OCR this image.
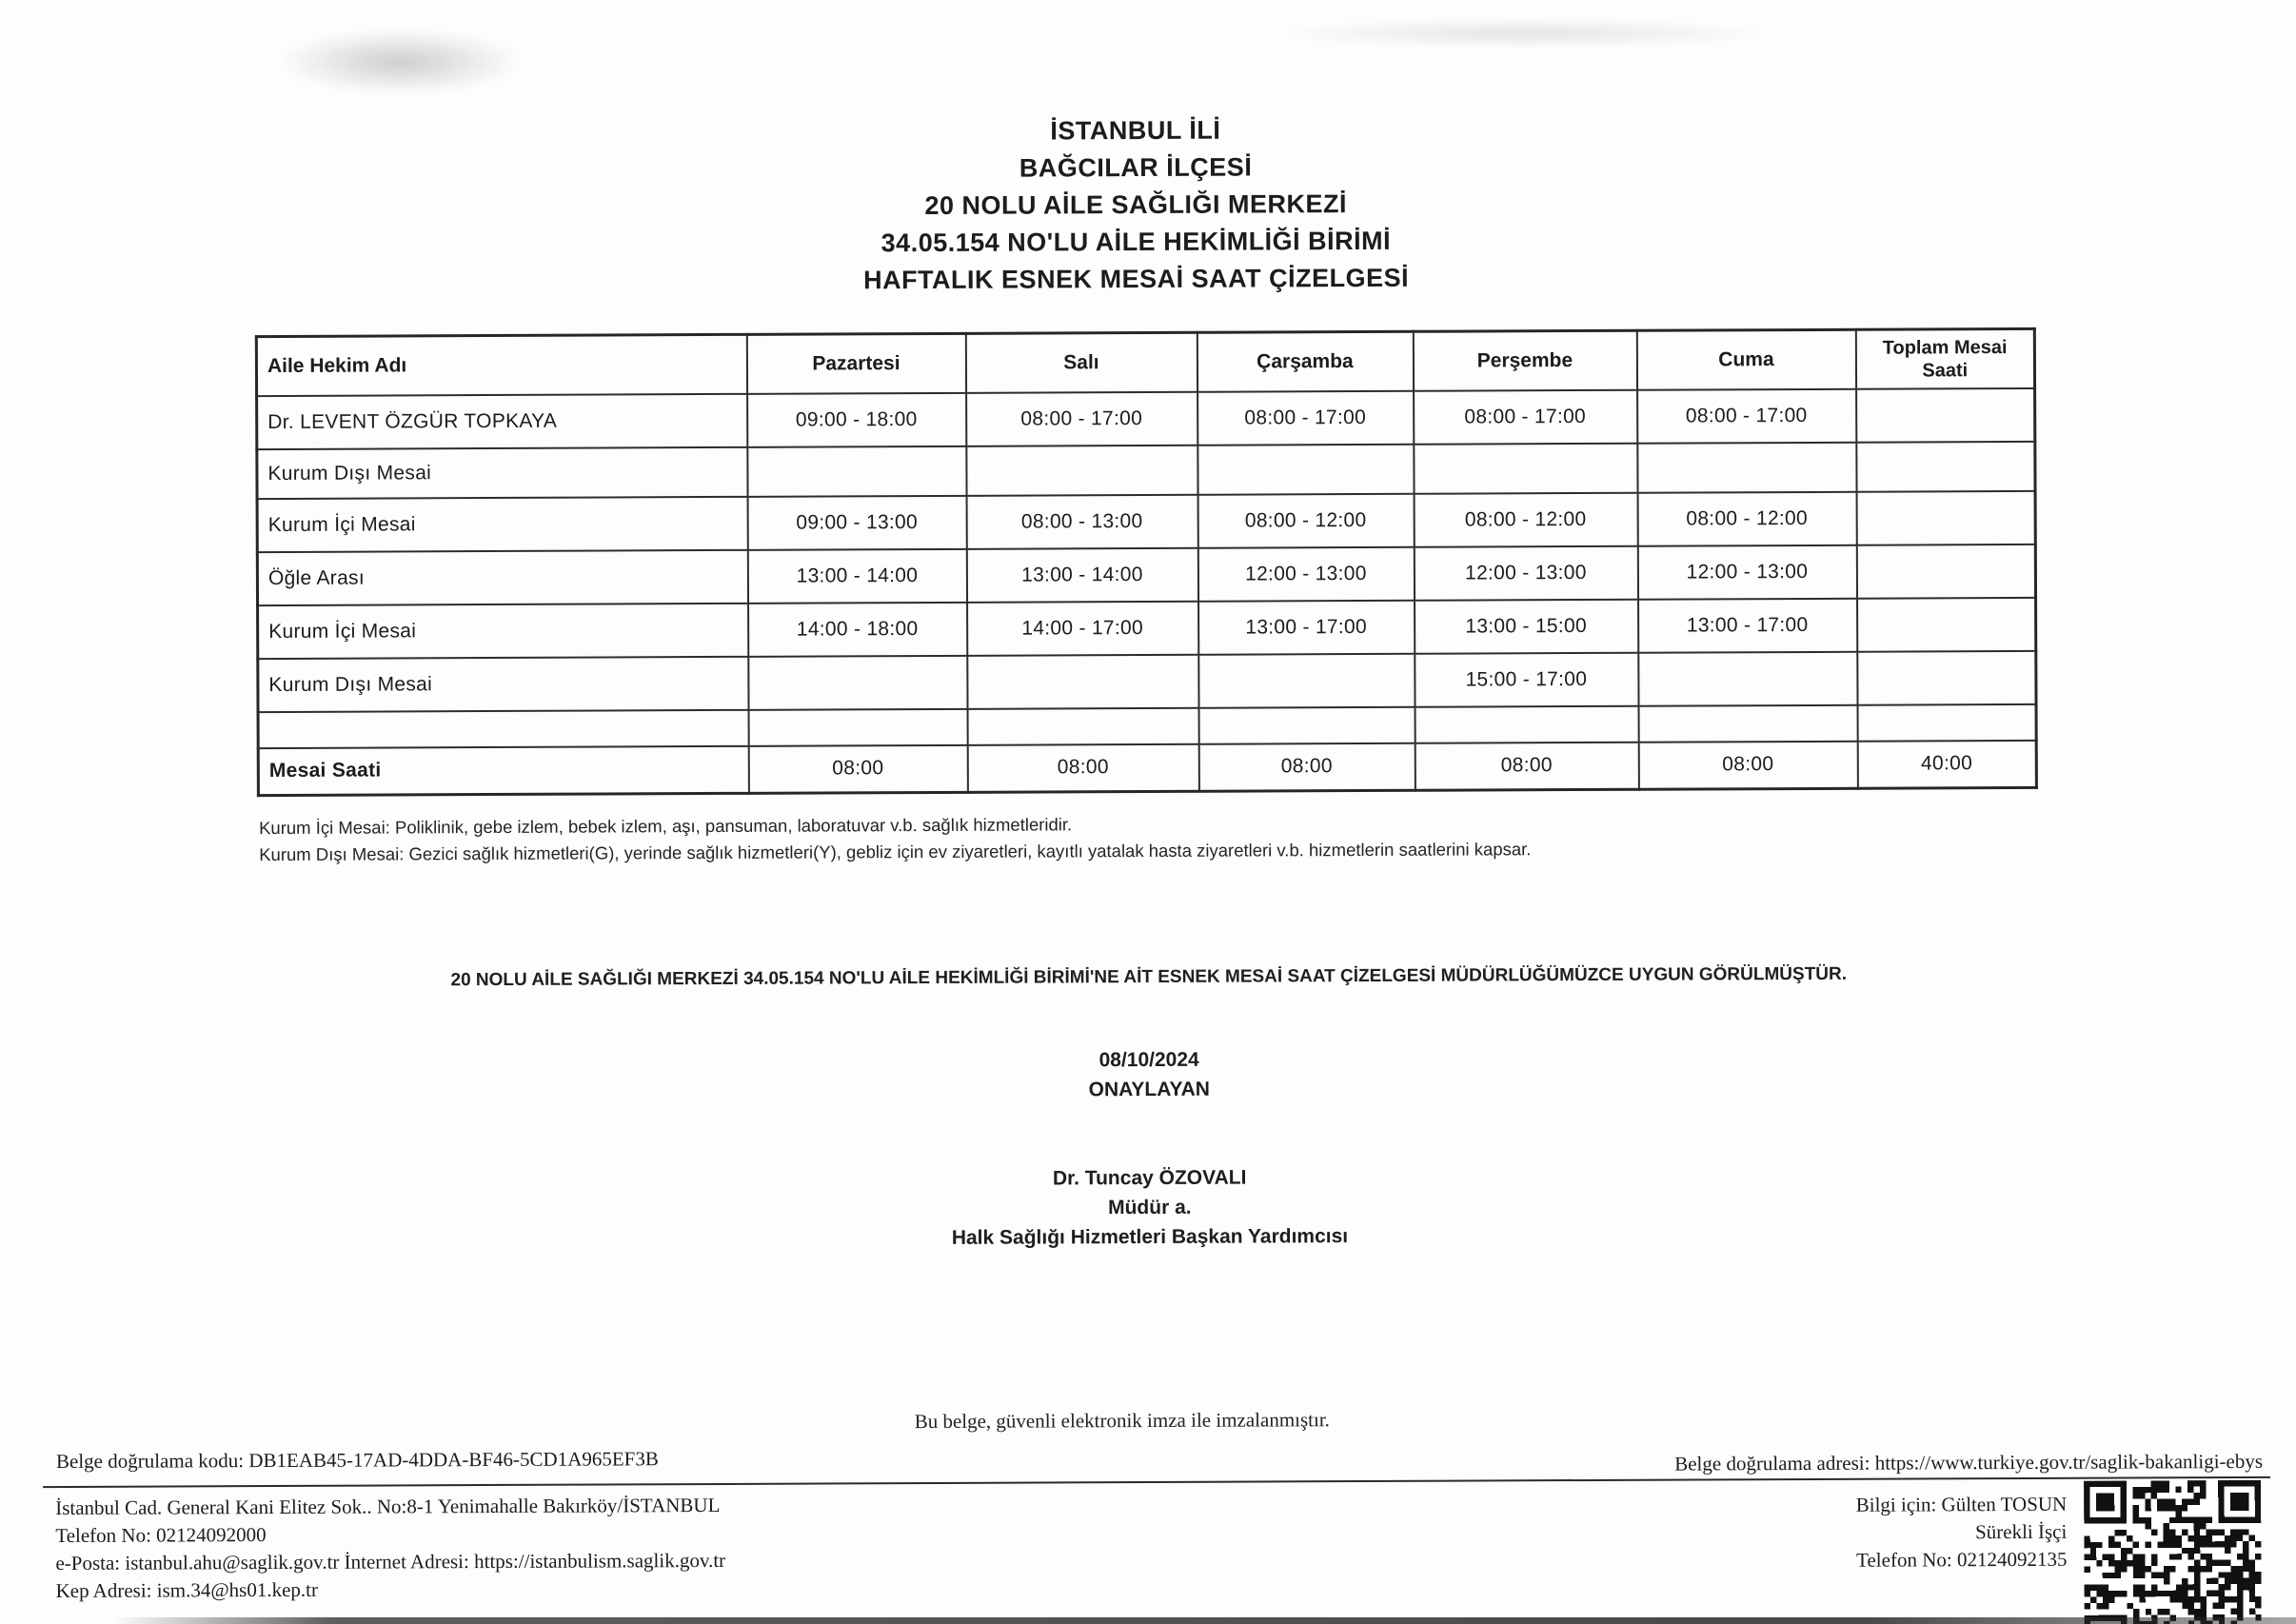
İSTANBUL İLİ
BAĞCILAR İLÇESİ
20 NOLU AİLE SAĞLIĞI MERKEZİ
34.05.154 NO'LU AİLE HEKİMLİĞİ BİRİMİ
HAFTALIK ESNEK MESAİ SAAT ÇİZELGESİ
Aile Hekim Adı	Pazartesi	Salı	Çarşamba	Perşembe	Cuma	Toplam Mesai Saati
Dr. LEVENT ÖZGÜR TOPKAYA	09:00 - 18:00	08:00 - 17:00	08:00 - 17:00	08:00 - 17:00	08:00 - 17:00	
Kurum Dışı Mesai						
Kurum İçi Mesai	09:00 - 13:00	08:00 - 13:00	08:00 - 12:00	08:00 - 12:00	08:00 - 12:00	
Öğle Arası	13:00 - 14:00	13:00 - 14:00	12:00 - 13:00	12:00 - 13:00	12:00 - 13:00	
Kurum İçi Mesai	14:00 - 18:00	14:00 - 17:00	13:00 - 17:00	13:00 - 15:00	13:00 - 17:00	
Kurum Dışı Mesai				15:00 - 17:00		

Mesai Saati	08:00	08:00	08:00	08:00	08:00	40:00
Kurum İçi Mesai: Poliklinik, gebe izlem, bebek izlem, aşı, pansuman, laboratuvar v.b. sağlık hizmetleridir.
Kurum Dışı Mesai: Gezici sağlık hizmetleri(G), yerinde sağlık hizmetleri(Y), gebliz için ev ziyaretleri, kayıtlı yatalak hasta ziyaretleri v.b. hizmetlerin saatlerini kapsar.
20 NOLU AİLE SAĞLIĞI MERKEZİ 34.05.154 NO'LU AİLE HEKİMLİĞİ BİRİMİ'NE AİT ESNEK MESAİ SAAT ÇİZELGESİ MÜDÜRLÜĞÜMÜZCE UYGUN GÖRÜLMÜŞTÜR.
08/10/2024
ONAYLAYAN
Dr. Tuncay ÖZOVALI
Müdür a.
Halk Sağlığı Hizmetleri Başkan Yardımcısı
Bu belge, güvenli elektronik imza ile imzalanmıştır.
Belge doğrulama kodu: DB1EAB45-17AD-4DDA-BF46-5CD1A965EF3B	Belge doğrulama adresi: https://www.turkiye.gov.tr/saglik-bakanligi-ebys
İstanbul Cad. General Kani Elitez Sok.. No:8-1 Yenimahalle Bakırköy/İSTANBUL
Telefon No: 02124092000
e-Posta: istanbul.ahu@saglik.gov.tr İnternet Adresi: https://istanbulism.saglik.gov.tr
Kep Adresi: ism.34@hs01.kep.tr
Bilgi için: Gülten TOSUN
Sürekli İşçi
Telefon No: 02124092135
